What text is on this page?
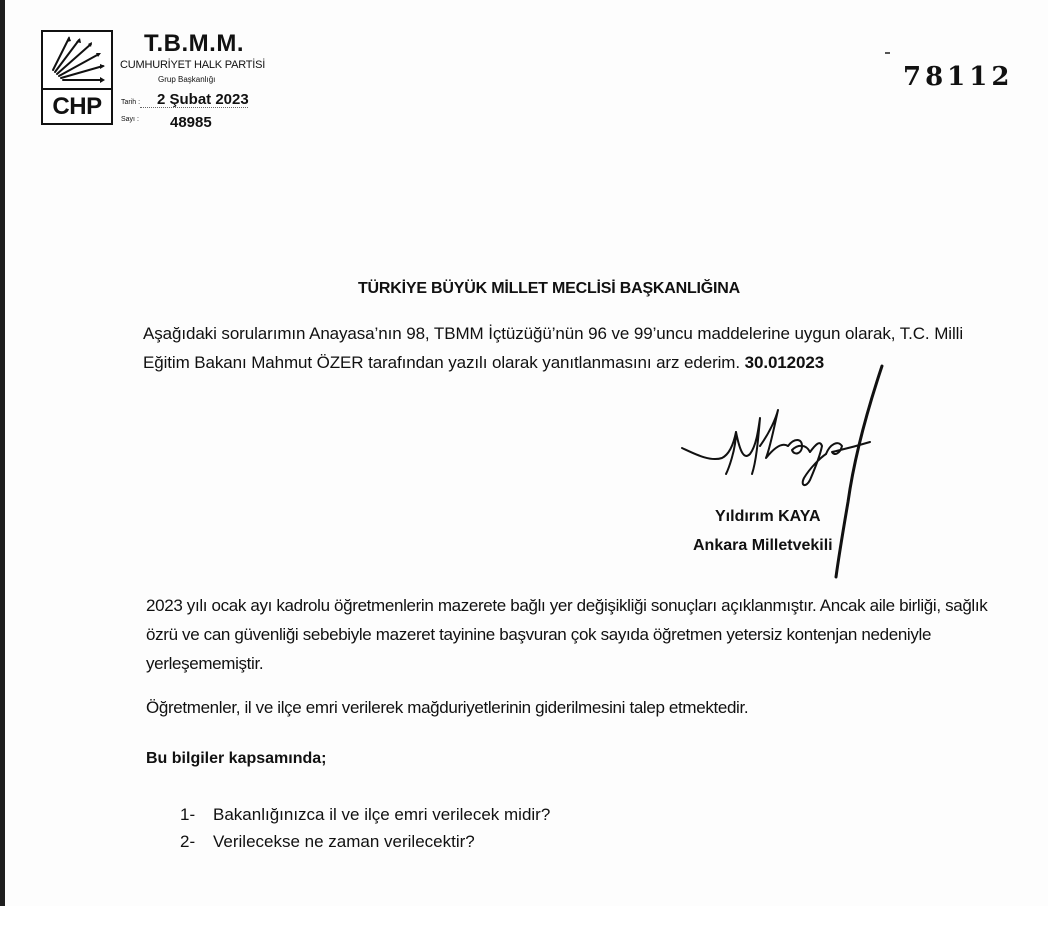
CHP
T.B.M.M.
CUMHURİYET HALK PARTİSİ
Grup Başkanlığı
Tarih : 2 Şubat 2023
Sayı : 48985
78112
TÜRKİYE BÜYÜK MİLLET MECLİSİ BAŞKANLIĞINA
Aşağıdaki sorularımın Anayasa’nın 98, TBMM İçtüzüğü’nün 96 ve 99’uncu maddelerine uygun olarak, T.C. Milli Eğitim Bakanı Mahmut ÖZER tarafından yazılı olarak yanıtlanmasını arz ederim. 30.012023
Yıldırım KAYA
Ankara Milletvekili
2023 yılı ocak ayı kadrolu öğretmenlerin mazerete bağlı yer değişikliği sonuçları açıklanmıştır. Ancak aile birliği, sağlık özrü ve can güvenliği sebebiyle mazeret tayinine başvuran çok sayıda öğretmen yetersiz kontenjan nedeniyle yerleşememiştir.
Öğretmenler, il ve ilçe emri verilerek mağduriyetlerinin giderilmesini talep etmektedir.
Bu bilgiler kapsamında;
1-	Bakanlığınızca il ve ilçe emri verilecek midir?
2-	Verilecekse ne zaman verilecektir?
